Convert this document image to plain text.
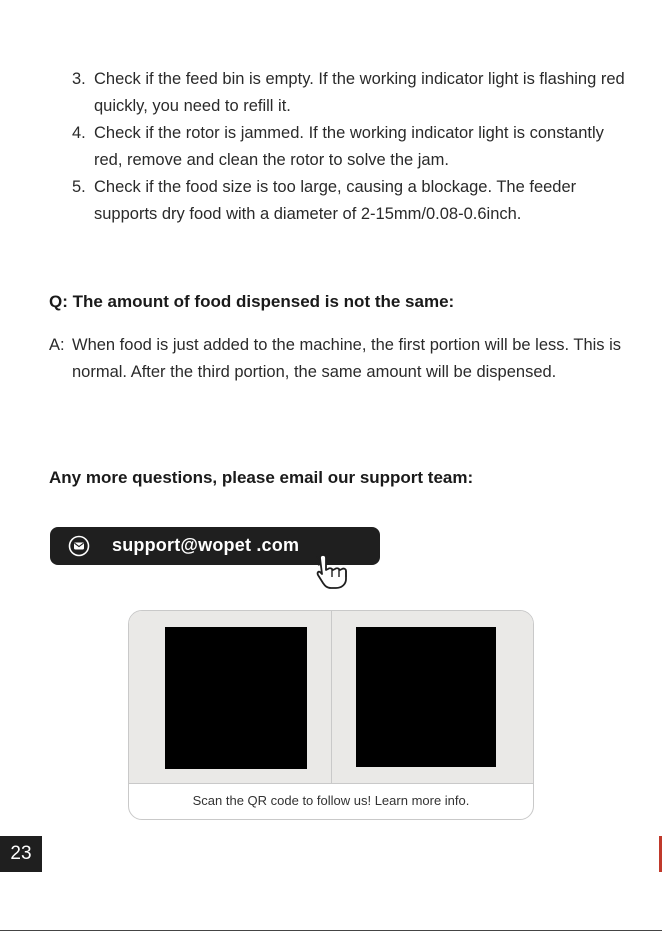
3. Check if the feed bin is empty. If the working indicator light is flashing red quickly, you need to refill it.
4. Check if the rotor is jammed. If the working indicator light is constantly red, remove and clean the rotor to solve the jam.
5. Check if the food size is too large, causing a blockage. The feeder supports dry food with a diameter of 2-15mm/0.08-0.6inch.
Q: The amount of food dispensed is not the same:
A: When food is just added to the machine, the first portion will be less. This is normal. After the third portion, the same amount will be dispensed.
Any more questions, please email our support team:
support@wopet .com
Scan the QR code to follow us! Learn more info.
23
